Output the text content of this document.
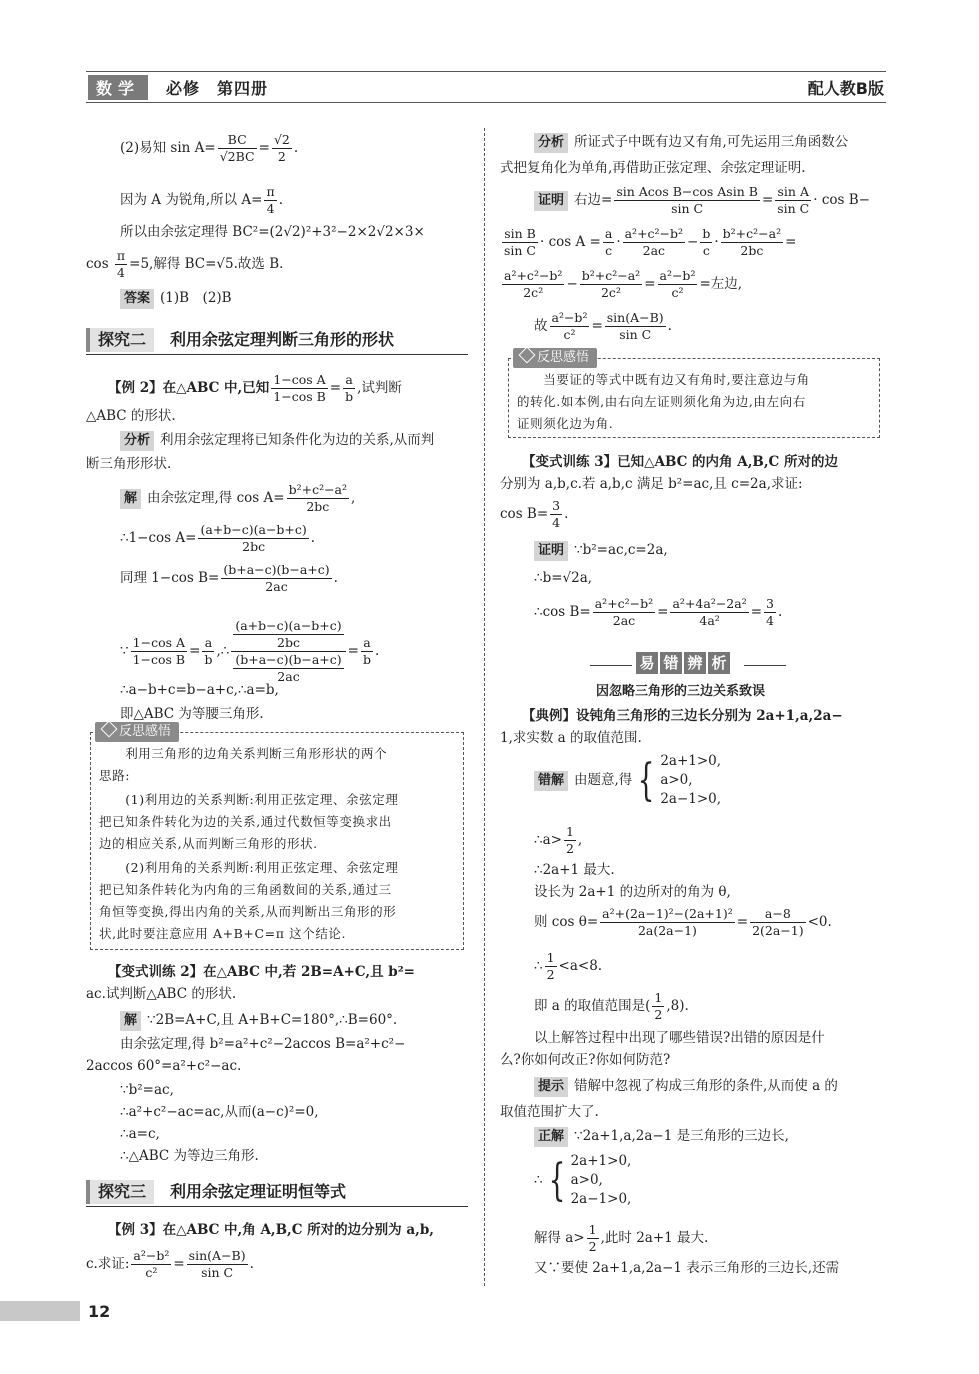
数学	必修　第四册	配人教B版
(2)易知 $\sin A= \frac{BC}{√2BC} = \frac{√2}{2}$ .
因为 A 为锐角,所以 $A= \frac{\pi}{4}$ .
所以由余弦定理得 BC²=(2√2)²+3²−2×2√2×3×
$\cos \frac{\pi}{4} =5$,解得 BC=√5.故选 B.
答案 (1)B　(2)B
探究二	利用余弦定理判断三角形的形状
【例 2】在△ABC 中,已知 $\frac{\text{1−cos A}}{\text{1−cos B}} = \frac{a}{b}$ ,试判断
△ABC 的形状.
分析 利用余弦定理将已知条件化为边的关系,从而判
断三角形形状.
解 由余弦定理,得 $\cos A= \frac{\text{b²+c²−a²}}{2bc}$ ,
∴1−cos $A= \frac{(a+b-c)(a-b+c)}{2bc}$ .
同理 1−cos $B= \frac{(b+a-c)(b-a+c)}{2ac}$ .
∵ $\frac{\text{1−cos A}}{\text{1−cos B}} = \frac{a}{b}$ ,∴ $\frac{\frac{(a+b-c)(a-b+c)}{2bc}}{\frac{(b+a-c)(b-a+c)}{2ac}} = \frac{a}{b}$ .
∴a−b+c=b−a+c,∴a=b,
即△ABC 为等腰三角形.
反思感悟
　　利用三角形的边角关系判断三角形形状的两个
思路:
　　(1)利用边的关系判断:利用正弦定理、余弦定理
把已知条件转化为边的关系,通过代数恒等变换求出
边的相应关系,从而判断三角形的形状.
　　(2)利用角的关系判断:利用正弦定理、余弦定理
把已知条件转化为内角的三角函数间的关系,通过三
角恒等变换,得出内角的关系,从而判断出三角形的形
状,此时要注意应用 A+B+C=π 这个结论.
【变式训练 2】在△ABC 中,若 2B=A+C,且 b²=
ac.试判断△ABC 的形状.
解 ∵2B=A+C,且 A+B+C=180°,∴B=60°.
由余弦定理,得 b²=a²+c²−2accos B=a²+c²−
2accos 60°=a²+c²−ac.
∵b²=ac,
∴a²+c²−ac=ac,从而(a−c)²=0,
∴a=c,
∴△ABC 为等边三角形.
探究三	利用余弦定理证明恒等式
【例 3】在△ABC 中,角 A,B,C 所对的边分别为 a,b,
c.求证: $\frac{\text{a²−b²}}{\text{c²}} = \frac{\sin(A-B)}{\text{sin C}}$ .
分析 所证式子中既有边又有角,可先运用三角函数公
式把复角化为单角,再借助正弦定理、余弦定理证明.
证明 右边= $\frac{\text{sin Acos B−cos Asin B}}{\text{sin C}} = \frac{\text{sin A}}{\text{sin C}} \cdot \cos B-$
$\frac{\text{sin B}}{\text{sin C}} \cdot \cos A = \frac{a}{c} \cdot \frac{\text{a²+c²−b²}}{2ac} - \frac{b}{c} \cdot \frac{\text{b²+c²−a²}}{2bc}$ =
$\frac{\text{a²+c²−b²}}{\text{2c²}} - \frac{\text{b²+c²−a²}}{\text{2c²}} = \frac{\text{a²−b²}}{\text{c²}}$ =左边,
故 $\frac{\text{a²−b²}}{\text{c²}} = \frac{\sin(A-B)}{\text{sin C}}$ .
反思感悟
　　当要证的等式中既有边又有角时,要注意边与角
的转化.如本例,由右向左证则须化角为边,由左向右
证则须化边为角.
【变式训练 3】已知△ABC 的内角 A,B,C 所对的边
分别为 a,b,c.若 a,b,c 满足 b²=ac,且 c=2a,求证:
$\cos B= \frac{3}{4}$ .
证明 ∵b²=ac,c=2a,
∴b=√2a,
∴cos $B= \frac{\text{a²+c²−b²}}{2ac} = \frac{\text{a²+4a²−2a²}}{\text{4a²}} = \frac{3}{4}$ .
易 错 辨 析
因忽略三角形的三边关系致误
【典例】设钝角三角形的三边长分别为 2a+1,a,2a−
1,求实数 a 的取值范围.
错解 由题意,得 { 2a+1>0,
a>0,
2a−1>0,
∴a> $\frac{1}{2}$ ,
∴2a+1 最大.
设长为 2a+1 的边所对的角为 θ,
则 $\cos \theta= \frac{\text{a²+(2a−1)²−(2a+1)²}}{2a(2a-1)} = \frac{a-8}{2(2a-1)} <0$.
∴ $\frac{1}{2} <a<8$.
即 a 的取值范围是( $\frac{1}{2} ,8$).
以上解答过程中出现了哪些错误?出错的原因是什
么?你如何改正?你如何防范?
提示 错解中忽视了构成三角形的条件,从而使 a 的
取值范围扩大了.
正解 ∵2a+1,a,2a−1 是三角形的三边长,
∴ { 2a+1>0,
a>0,
2a−1>0,
解得 $a> \frac{1}{2}$ ,此时 2a+1 最大.
又∵要使 2a+1,a,2a−1 表示三角形的三边长,还需
12
